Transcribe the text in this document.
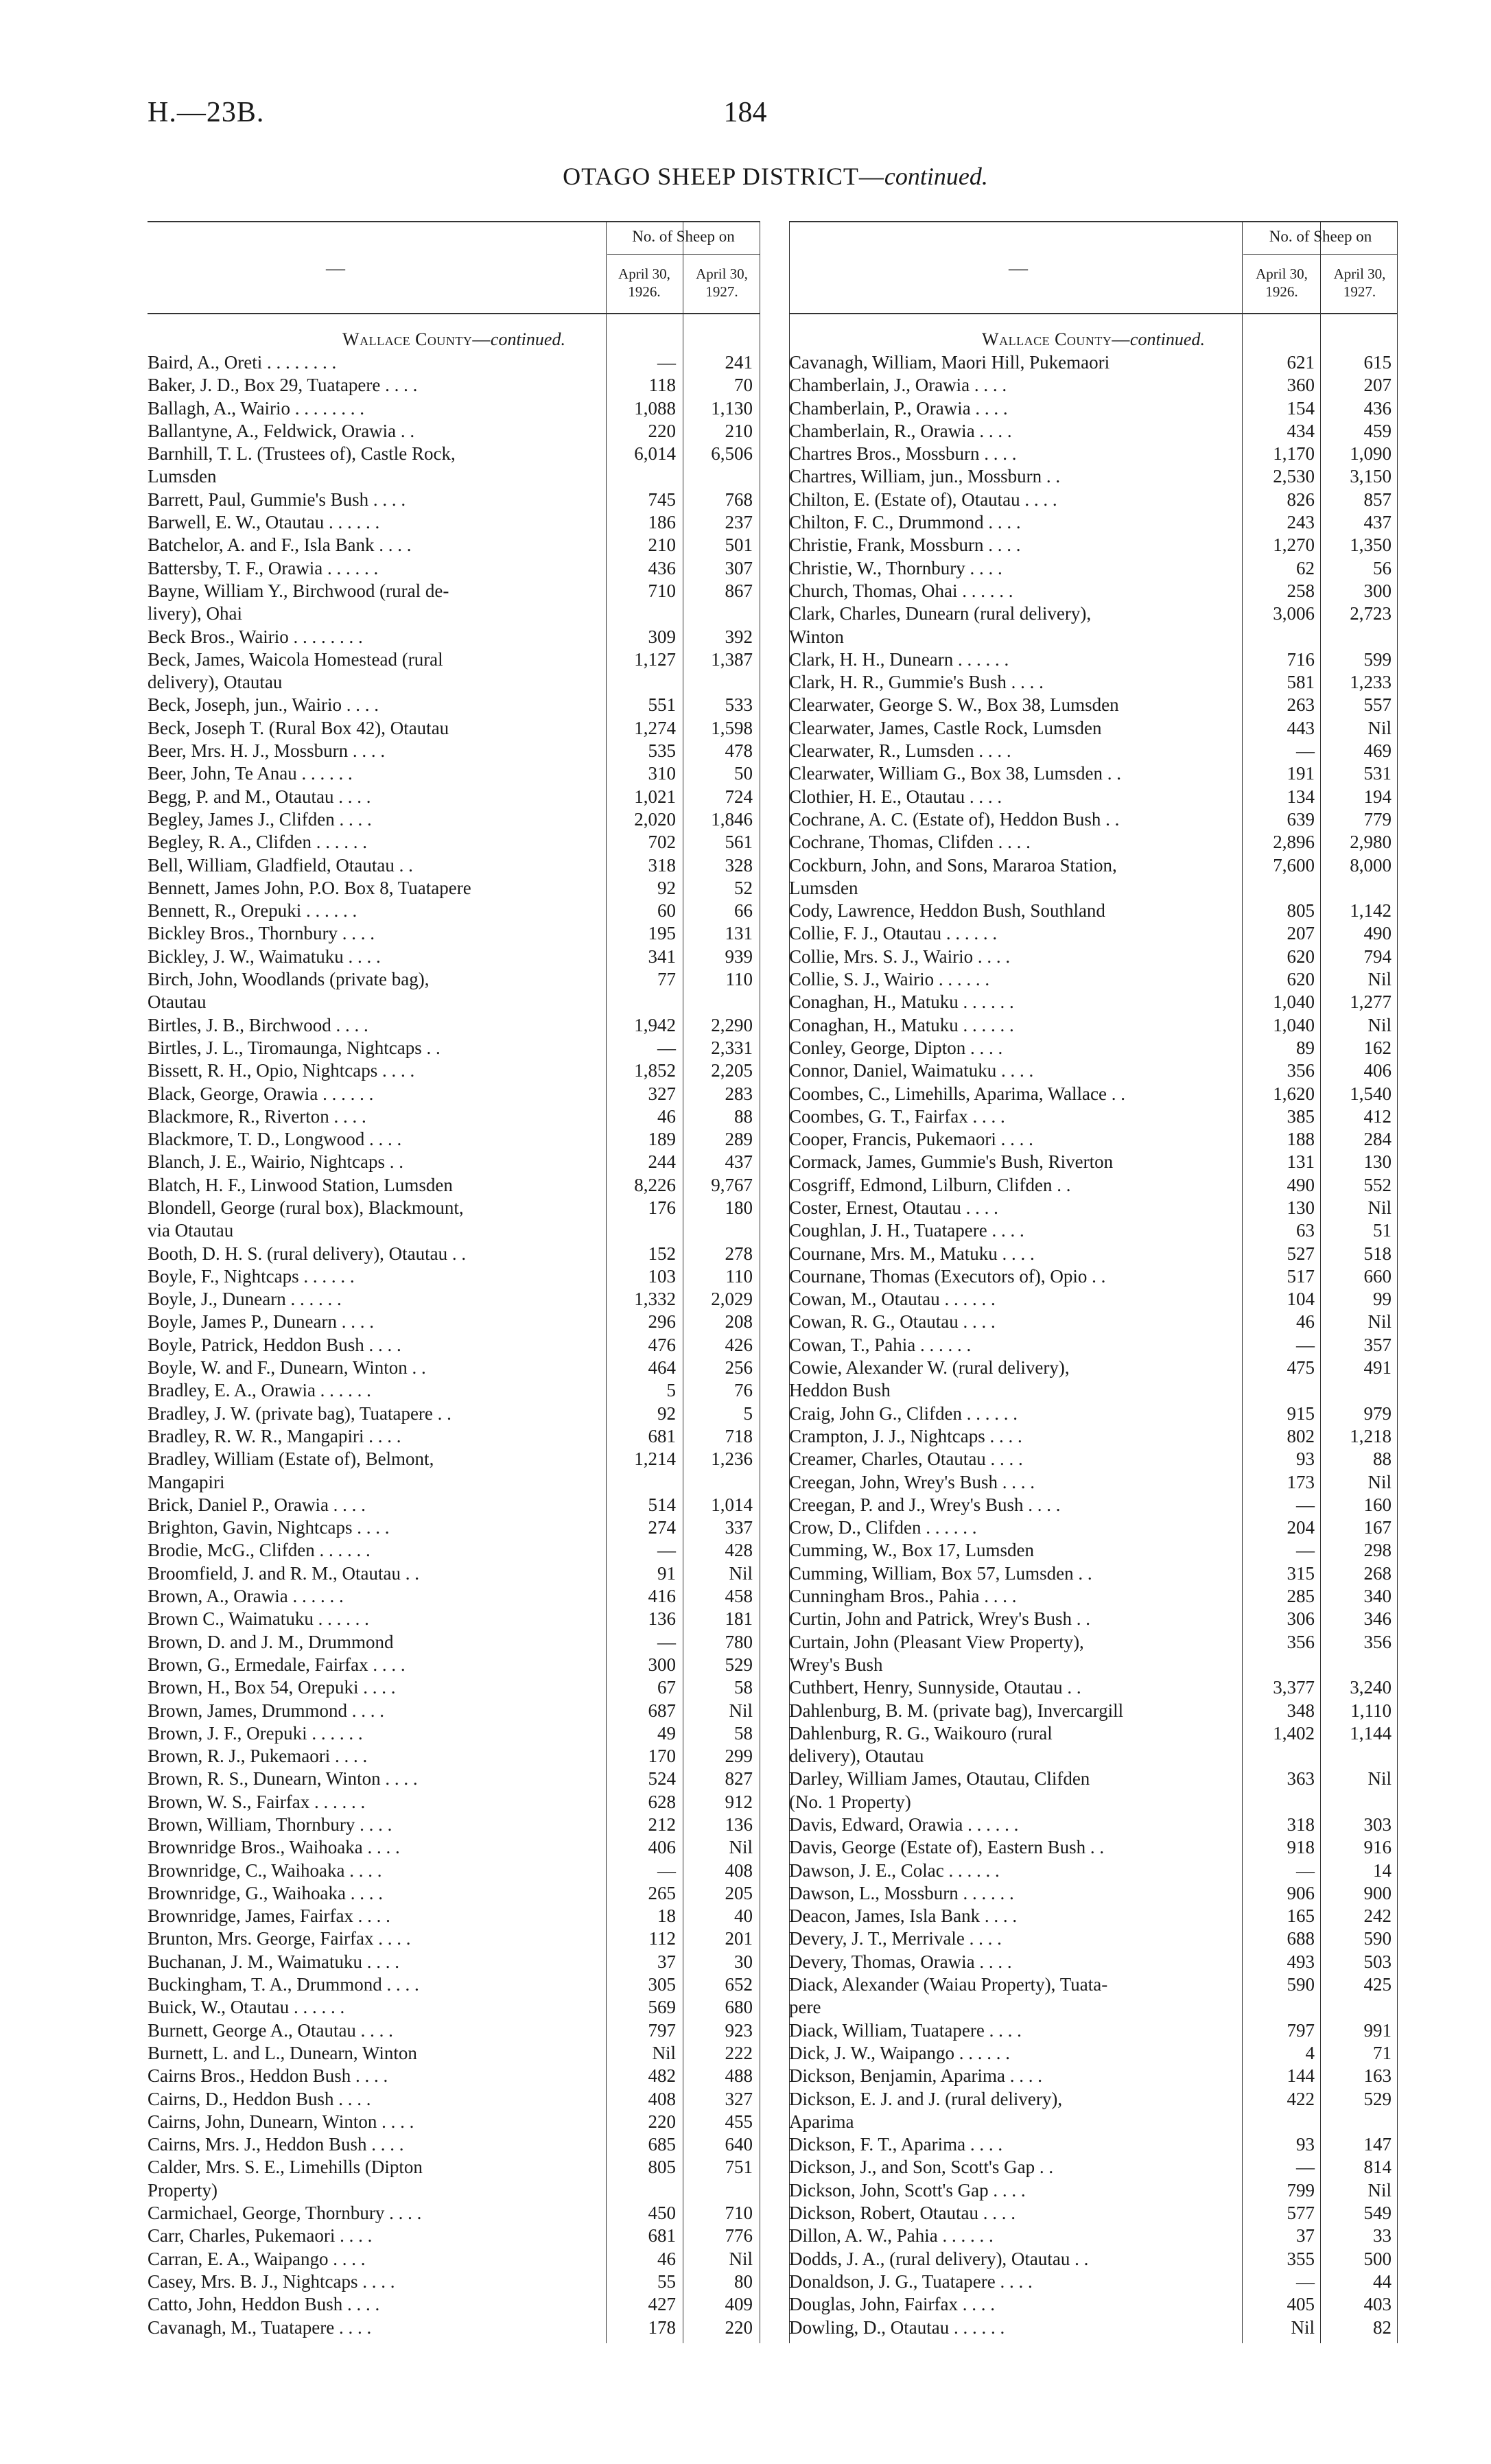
H.—23B.	184
OTAGO SHEEP DISTRICT—continued.
—
No. of Sheep on
April 30,
1926.
April 30,
1927.
Wallace County—continued.
Baird, A., Oreti . . . . . . . .	—	241
Baker, J. D., Box 29, Tuatapere . . . .	118	70
Ballagh, A., Wairio . . . . . . . .	1,088	1,130
Ballantyne, A., Feldwick, Orawia . .	220	210
Barnhill, T. L. (Trustees of), Castle Rock,
Lumsden
6,014	6,506
Barrett, Paul, Gummie's Bush . . . .	745	768
Barwell, E. W., Otautau . . . . . .	186	237
Batchelor, A. and F., Isla Bank . . . .	210	501
Battersby, T. F., Orawia . . . . . .	436	307
Bayne, William Y., Birchwood (rural de-
livery), Ohai
710	867
Beck Bros., Wairio . . . . . . . .	309	392
Beck, James, Waicola Homestead (rural
delivery), Otautau
1,127	1,387
Beck, Joseph, jun., Wairio . . . .	551	533
Beck, Joseph T. (Rural Box 42), Otautau	1,274	1,598
Beer, Mrs. H. J., Mossburn . . . .	535	478
Beer, John, Te Anau . . . . . .	310	50
Begg, P. and M., Otautau . . . .	1,021	724
Begley, James J., Clifden . . . .	2,020	1,846
Begley, R. A., Clifden . . . . . .	702	561
Bell, William, Gladfield, Otautau . .	318	328
Bennett, James John, P.O. Box 8, Tuatapere	92	52
Bennett, R., Orepuki . . . . . .	60	66
Bickley Bros., Thornbury . . . .	195	131
Bickley, J. W., Waimatuku . . . .	341	939
Birch, John, Woodlands (private bag),
Otautau
77	110
Birtles, J. B., Birchwood . . . .	1,942	2,290
Birtles, J. L., Tiromaunga, Nightcaps . .	—	2,331
Bissett, R. H., Opio, Nightcaps . . . .	1,852	2,205
Black, George, Orawia . . . . . .	327	283
Blackmore, R., Riverton . . . .	46	88
Blackmore, T. D., Longwood . . . .	189	289
Blanch, J. E., Wairio, Nightcaps . .	244	437
Blatch, H. F., Linwood Station, Lumsden	8,226	9,767
Blondell, George (rural box), Blackmount,
via Otautau
176	180
Booth, D. H. S. (rural delivery), Otautau . .	152	278
Boyle, F., Nightcaps . . . . . .	103	110
Boyle, J., Dunearn . . . . . .	1,332	2,029
Boyle, James P., Dunearn . . . .	296	208
Boyle, Patrick, Heddon Bush . . . .	476	426
Boyle, W. and F., Dunearn, Winton . .	464	256
Bradley, E. A., Orawia . . . . . .	5	76
Bradley, J. W. (private bag), Tuatapere . .	92	5
Bradley, R. W. R., Mangapiri . . . .	681	718
Bradley, William (Estate of), Belmont,
Mangapiri
1,214	1,236
Brick, Daniel P., Orawia . . . .	514	1,014
Brighton, Gavin, Nightcaps . . . .	274	337
Brodie, McG., Clifden . . . . . .	—	428
Broomfield, J. and R. M., Otautau . .	91	Nil
Brown, A., Orawia . . . . . .	416	458
Brown C., Waimatuku . . . . . .	136	181
Brown, D. and J. M., Drummond	—	780
Brown, G., Ermedale, Fairfax . . . .	300	529
Brown, H., Box 54, Orepuki . . . .	67	58
Brown, James, Drummond . . . .	687	Nil
Brown, J. F., Orepuki . . . . . .	49	58
Brown, R. J., Pukemaori . . . .	170	299
Brown, R. S., Dunearn, Winton . . . .	524	827
Brown, W. S., Fairfax . . . . . .	628	912
Brown, William, Thornbury . . . .	212	136
Brownridge Bros., Waihoaka . . . .	406	Nil
Brownridge, C., Waihoaka . . . .	—	408
Brownridge, G., Waihoaka . . . .	265	205
Brownridge, James, Fairfax . . . .	18	40
Brunton, Mrs. George, Fairfax . . . .	112	201
Buchanan, J. M., Waimatuku . . . .	37	30
Buckingham, T. A., Drummond . . . .	305	652
Buick, W., Otautau . . . . . .	569	680
Burnett, George A., Otautau . . . .	797	923
Burnett, L. and L., Dunearn, Winton	Nil	222
Cairns Bros., Heddon Bush . . . .	482	488
Cairns, D., Heddon Bush . . . .	408	327
Cairns, John, Dunearn, Winton . . . .	220	455
Cairns, Mrs. J., Heddon Bush . . . .	685	640
Calder, Mrs. S. E., Limehills (Dipton
Property)
805	751
Carmichael, George, Thornbury . . . .	450	710
Carr, Charles, Pukemaori . . . .	681	776
Carran, E. A., Waipango . . . .	46	Nil
Casey, Mrs. B. J., Nightcaps . . . .	55	80
Catto, John, Heddon Bush . . . .	427	409
Cavanagh, M., Tuatapere . . . .	178	220
—
No. of Sheep on
April 30,
1926.
April 30,
1927.
Wallace County—continued.
Cavanagh, William, Maori Hill, Pukemaori	621	615
Chamberlain, J., Orawia . . . .	360	207
Chamberlain, P., Orawia . . . .	154	436
Chamberlain, R., Orawia . . . .	434	459
Chartres Bros., Mossburn . . . .	1,170	1,090
Chartres, William, jun., Mossburn . .	2,530	3,150
Chilton, E. (Estate of), Otautau . . . .	826	857
Chilton, F. C., Drummond . . . .	243	437
Christie, Frank, Mossburn . . . .	1,270	1,350
Christie, W., Thornbury . . . .	62	56
Church, Thomas, Ohai . . . . . .	258	300
Clark, Charles, Dunearn (rural delivery),
Winton
3,006	2,723
Clark, H. H., Dunearn . . . . . .	716	599
Clark, H. R., Gummie's Bush . . . .	581	1,233
Clearwater, George S. W., Box 38, Lumsden	263	557
Clearwater, James, Castle Rock, Lumsden	443	Nil
Clearwater, R., Lumsden . . . .	—	469
Clearwater, William G., Box 38, Lumsden . .	191	531
Clothier, H. E., Otautau . . . .	134	194
Cochrane, A. C. (Estate of), Heddon Bush . .	639	779
Cochrane, Thomas, Clifden . . . .	2,896	2,980
Cockburn, John, and Sons, Mararoa Station,
Lumsden
7,600	8,000
Cody, Lawrence, Heddon Bush, Southland	805	1,142
Collie, F. J., Otautau . . . . . .	207	490
Collie, Mrs. S. J., Wairio . . . .	620	794
Collie, S. J., Wairio . . . . . .	620	Nil
Conaghan, H., Matuku . . . . . .	1,040	1,277
Conaghan, H., Matuku . . . . . .	1,040	Nil
Conley, George, Dipton . . . .	89	162
Connor, Daniel, Waimatuku . . . .	356	406
Coombes, C., Limehills, Aparima, Wallace . .	1,620	1,540
Coombes, G. T., Fairfax . . . .	385	412
Cooper, Francis, Pukemaori . . . .	188	284
Cormack, James, Gummie's Bush, Riverton	131	130
Cosgriff, Edmond, Lilburn, Clifden . .	490	552
Coster, Ernest, Otautau . . . .	130	Nil
Coughlan, J. H., Tuatapere . . . .	63	51
Cournane, Mrs. M., Matuku . . . .	527	518
Cournane, Thomas (Executors of), Opio . .	517	660
Cowan, M., Otautau . . . . . .	104	99
Cowan, R. G., Otautau . . . .	46	Nil
Cowan, T., Pahia . . . . . .	—	357
Cowie, Alexander W. (rural delivery),
Heddon Bush
475	491
Craig, John G., Clifden . . . . . .	915	979
Crampton, J. J., Nightcaps . . . .	802	1,218
Creamer, Charles, Otautau . . . .	93	88
Creegan, John, Wrey's Bush . . . .	173	Nil
Creegan, P. and J., Wrey's Bush . . . .	—	160
Crow, D., Clifden . . . . . .	204	167
Cumming, W., Box 17, Lumsden	—	298
Cumming, William, Box 57, Lumsden . .	315	268
Cunningham Bros., Pahia . . . .	285	340
Curtin, John and Patrick, Wrey's Bush . .	306	346
Curtain, John (Pleasant View Property),
Wrey's Bush
356	356
Cuthbert, Henry, Sunnyside, Otautau . .	3,377	3,240
Dahlenburg, B. M. (private bag), Invercargill	348	1,110
Dahlenburg, R. G., Waikouro (rural
delivery), Otautau
1,402	1,144
Darley, William James, Otautau, Clifden
(No. 1 Property)
363	Nil
Davis, Edward, Orawia . . . . . .	318	303
Davis, George (Estate of), Eastern Bush . .	918	916
Dawson, J. E., Colac . . . . . .	—	14
Dawson, L., Mossburn . . . . . .	906	900
Deacon, James, Isla Bank . . . .	165	242
Devery, J. T., Merrivale . . . .	688	590
Devery, Thomas, Orawia . . . .	493	503
Diack, Alexander (Waiau Property), Tuata-
pere
590	425
Diack, William, Tuatapere . . . .	797	991
Dick, J. W., Waipango . . . . . .	4	71
Dickson, Benjamin, Aparima . . . .	144	163
Dickson, E. J. and J. (rural delivery),
Aparima
422	529
Dickson, F. T., Aparima . . . .	93	147
Dickson, J., and Son, Scott's Gap . .	—	814
Dickson, John, Scott's Gap . . . .	799	Nil
Dickson, Robert, Otautau . . . .	577	549
Dillon, A. W., Pahia . . . . . .	37	33
Dodds, J. A., (rural delivery), Otautau . .	355	500
Donaldson, J. G., Tuatapere . . . .	—	44
Douglas, John, Fairfax . . . .	405	403
Dowling, D., Otautau . . . . . .	Nil	82
